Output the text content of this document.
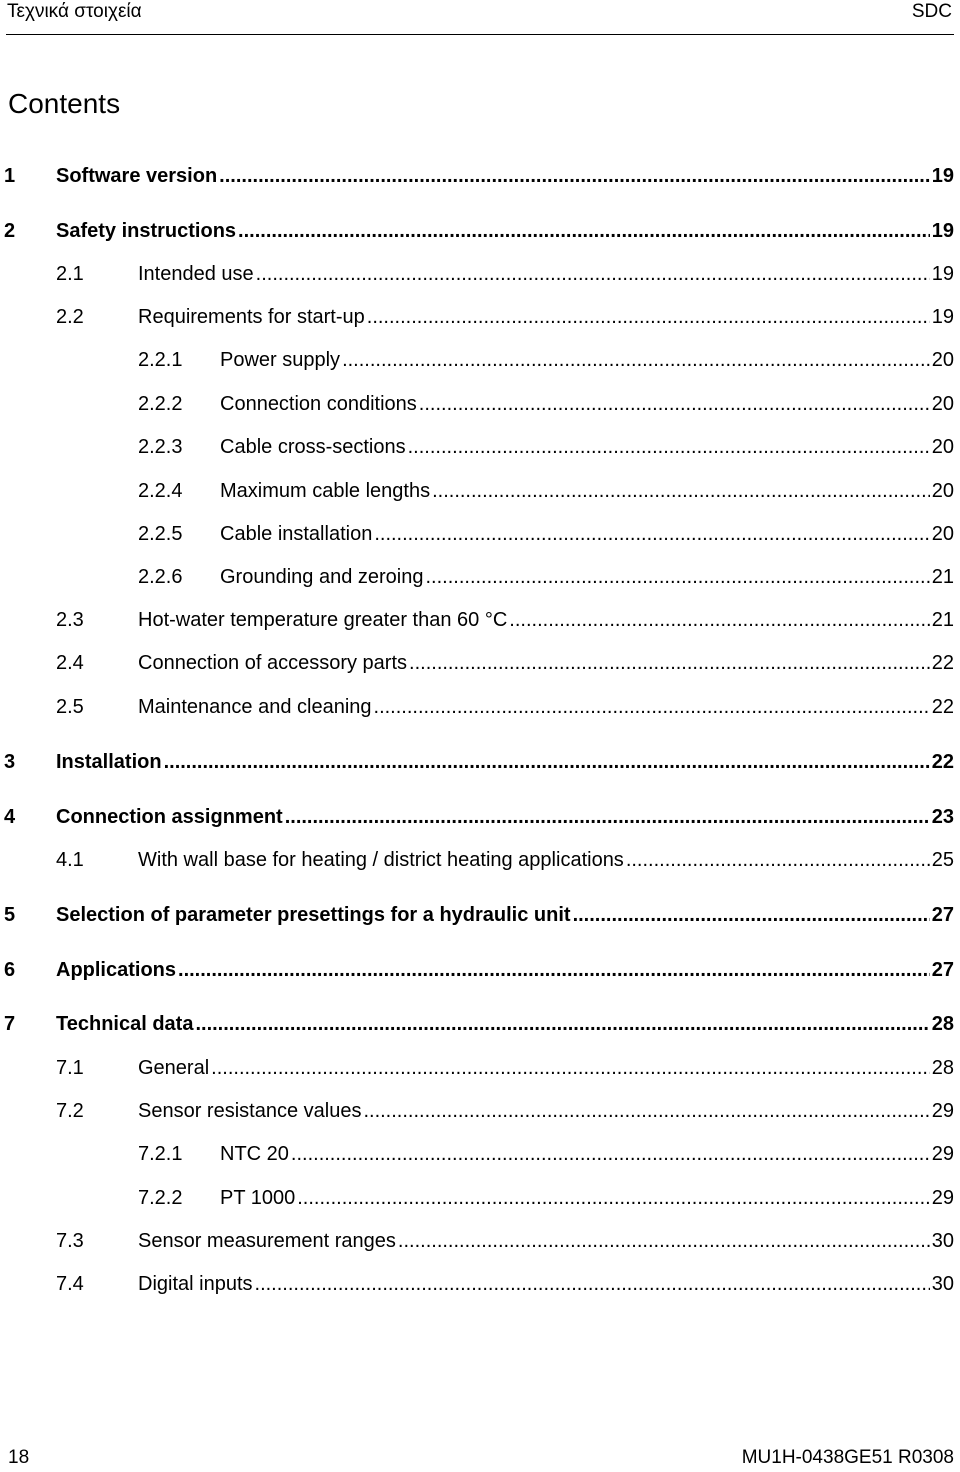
Τεχνικά στοιχεία	SDC
Contents
1	Software version .....	19
2	Safety instructions .....	19
2.1	Intended use .....	19
2.2	Requirements for start-up .....	19
2.2.1	Power supply .....	20
2.2.2	Connection conditions .....	20
2.2.3	Cable cross-sections .....	20
2.2.4	Maximum cable lengths .....	20
2.2.5	Cable installation .....	20
2.2.6	Grounding and zeroing .....	21
2.3	Hot-water temperature greater than 60 °C .....	21
2.4	Connection of accessory parts .....	22
2.5	Maintenance and cleaning .....	22
3	Installation .....	22
4	Connection assignment .....	23
4.1	With wall base for heating / district heating applications .....	25
5	Selection of parameter presettings for a hydraulic unit .....	27
6	Applications .....	27
7	Technical data .....	28
7.1	General .....	28
7.2	Sensor resistance values .....	29
7.2.1	NTC 20 .....	29
7.2.2	PT 1000 .....	29
7.3	Sensor measurement ranges .....	30
7.4	Digital inputs .....	30
18	MU1H-0438GE51 R0308
